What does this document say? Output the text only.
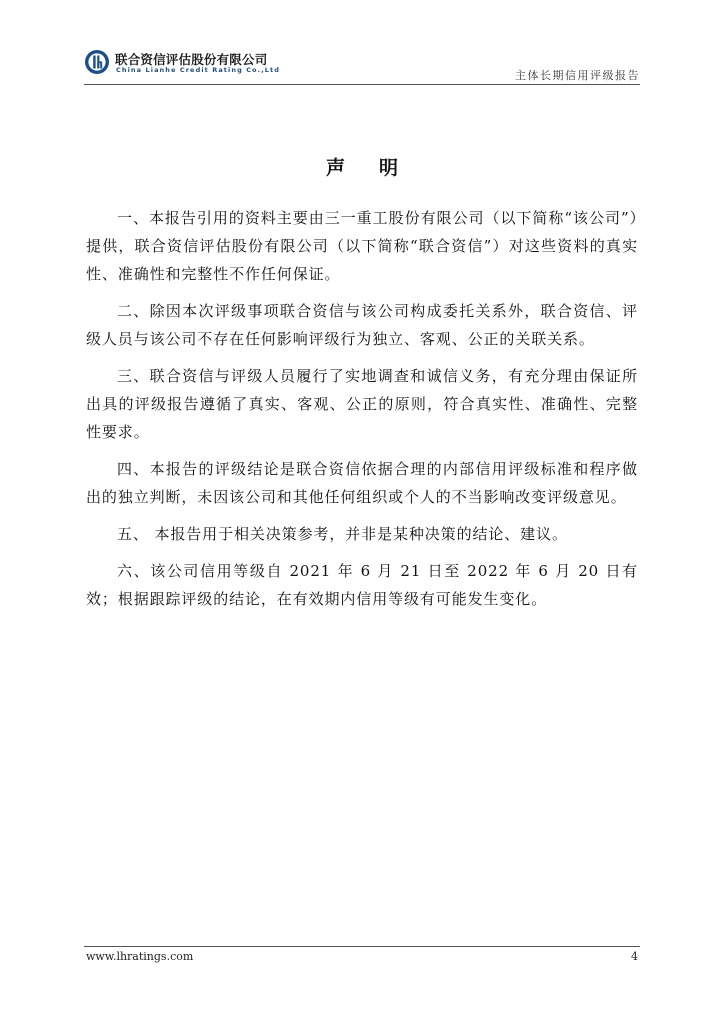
联合资信评估股份有限公司
China Lianhe Credit Rating Co.,Ltd	主体长期信用评级报告
声明

一、本报告引用的资料主要由三一重工股份有限公司（以下简称“该公司”）提供，联合资信评估股份有限公司（以下简称“联合资信”）对这些资料的真实性、准确性和完整性不作任何保证。

二、除因本次评级事项联合资信与该公司构成委托关系外，联合资信、评级人员与该公司不存在任何影响评级行为独立、客观、公正的关联关系。

三、联合资信与评级人员履行了实地调查和诚信义务，有充分理由保证所出具的评级报告遵循了真实、客观、公正的原则，符合真实性、准确性、完整性要求。

四、本报告的评级结论是联合资信依据合理的内部信用评级标准和程序做出的独立判断，未因该公司和其他任何组织或个人的不当影响改变评级意见。

五、 本报告用于相关决策参考，并非是某种决策的结论、建议。

六、该公司信用等级自 2021 年 6 月 21 日至 2022 年 6 月 20 日有效；根据跟踪评级的结论，在有效期内信用等级有可能发生变化。

www.lhratings.com	4
